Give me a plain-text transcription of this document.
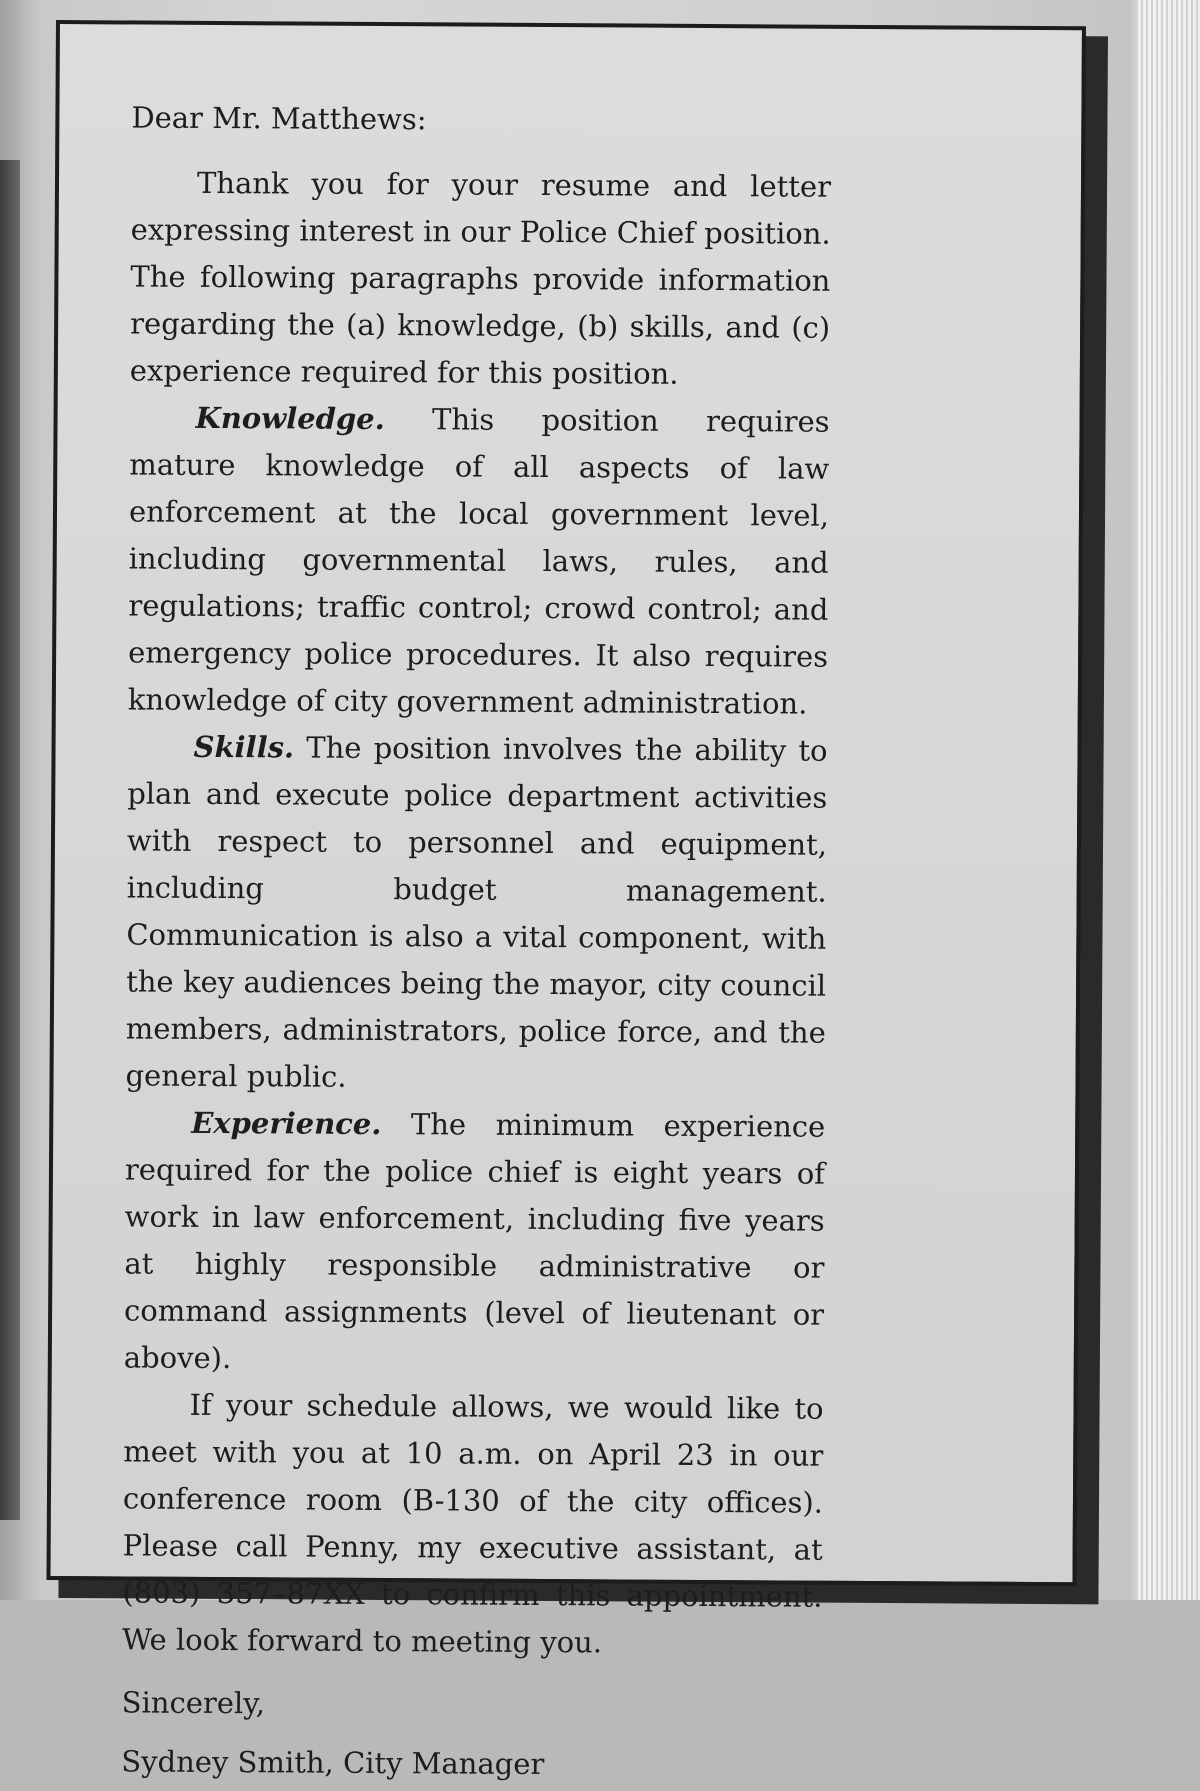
Dear Mr. Matthews:

Thank you for your resume and letter expressing interest in our Police Chief position. The following paragraphs provide information regarding the (a) knowledge, (b) skills, and (c) experience required for this position.

Knowledge. This position requires mature knowledge of all aspects of law enforcement at the local government level, including governmental laws, rules, and regulations; traffic control; crowd control; and emergency police procedures. It also requires knowledge of city government administration.

Skills. The position involves the ability to plan and execute police department activities with respect to personnel and equipment, including budget management. Communication is also a vital component, with the key audiences being the mayor, city council members, administrators, police force, and the general public.

Experience. The minimum experience required for the police chief is eight years of work in law enforcement, including five years at highly responsible administrative or command assignments (level of lieutenant or above).

If your schedule allows, we would like to meet with you at 10 a.m. on April 23 in our conference room (B-130 of the city offices). Please call Penny, my executive assistant, at (803) 357–87XX to confirm this appointment. We look forward to meeting you.

Sincerely,

Sydney Smith, City Manager
